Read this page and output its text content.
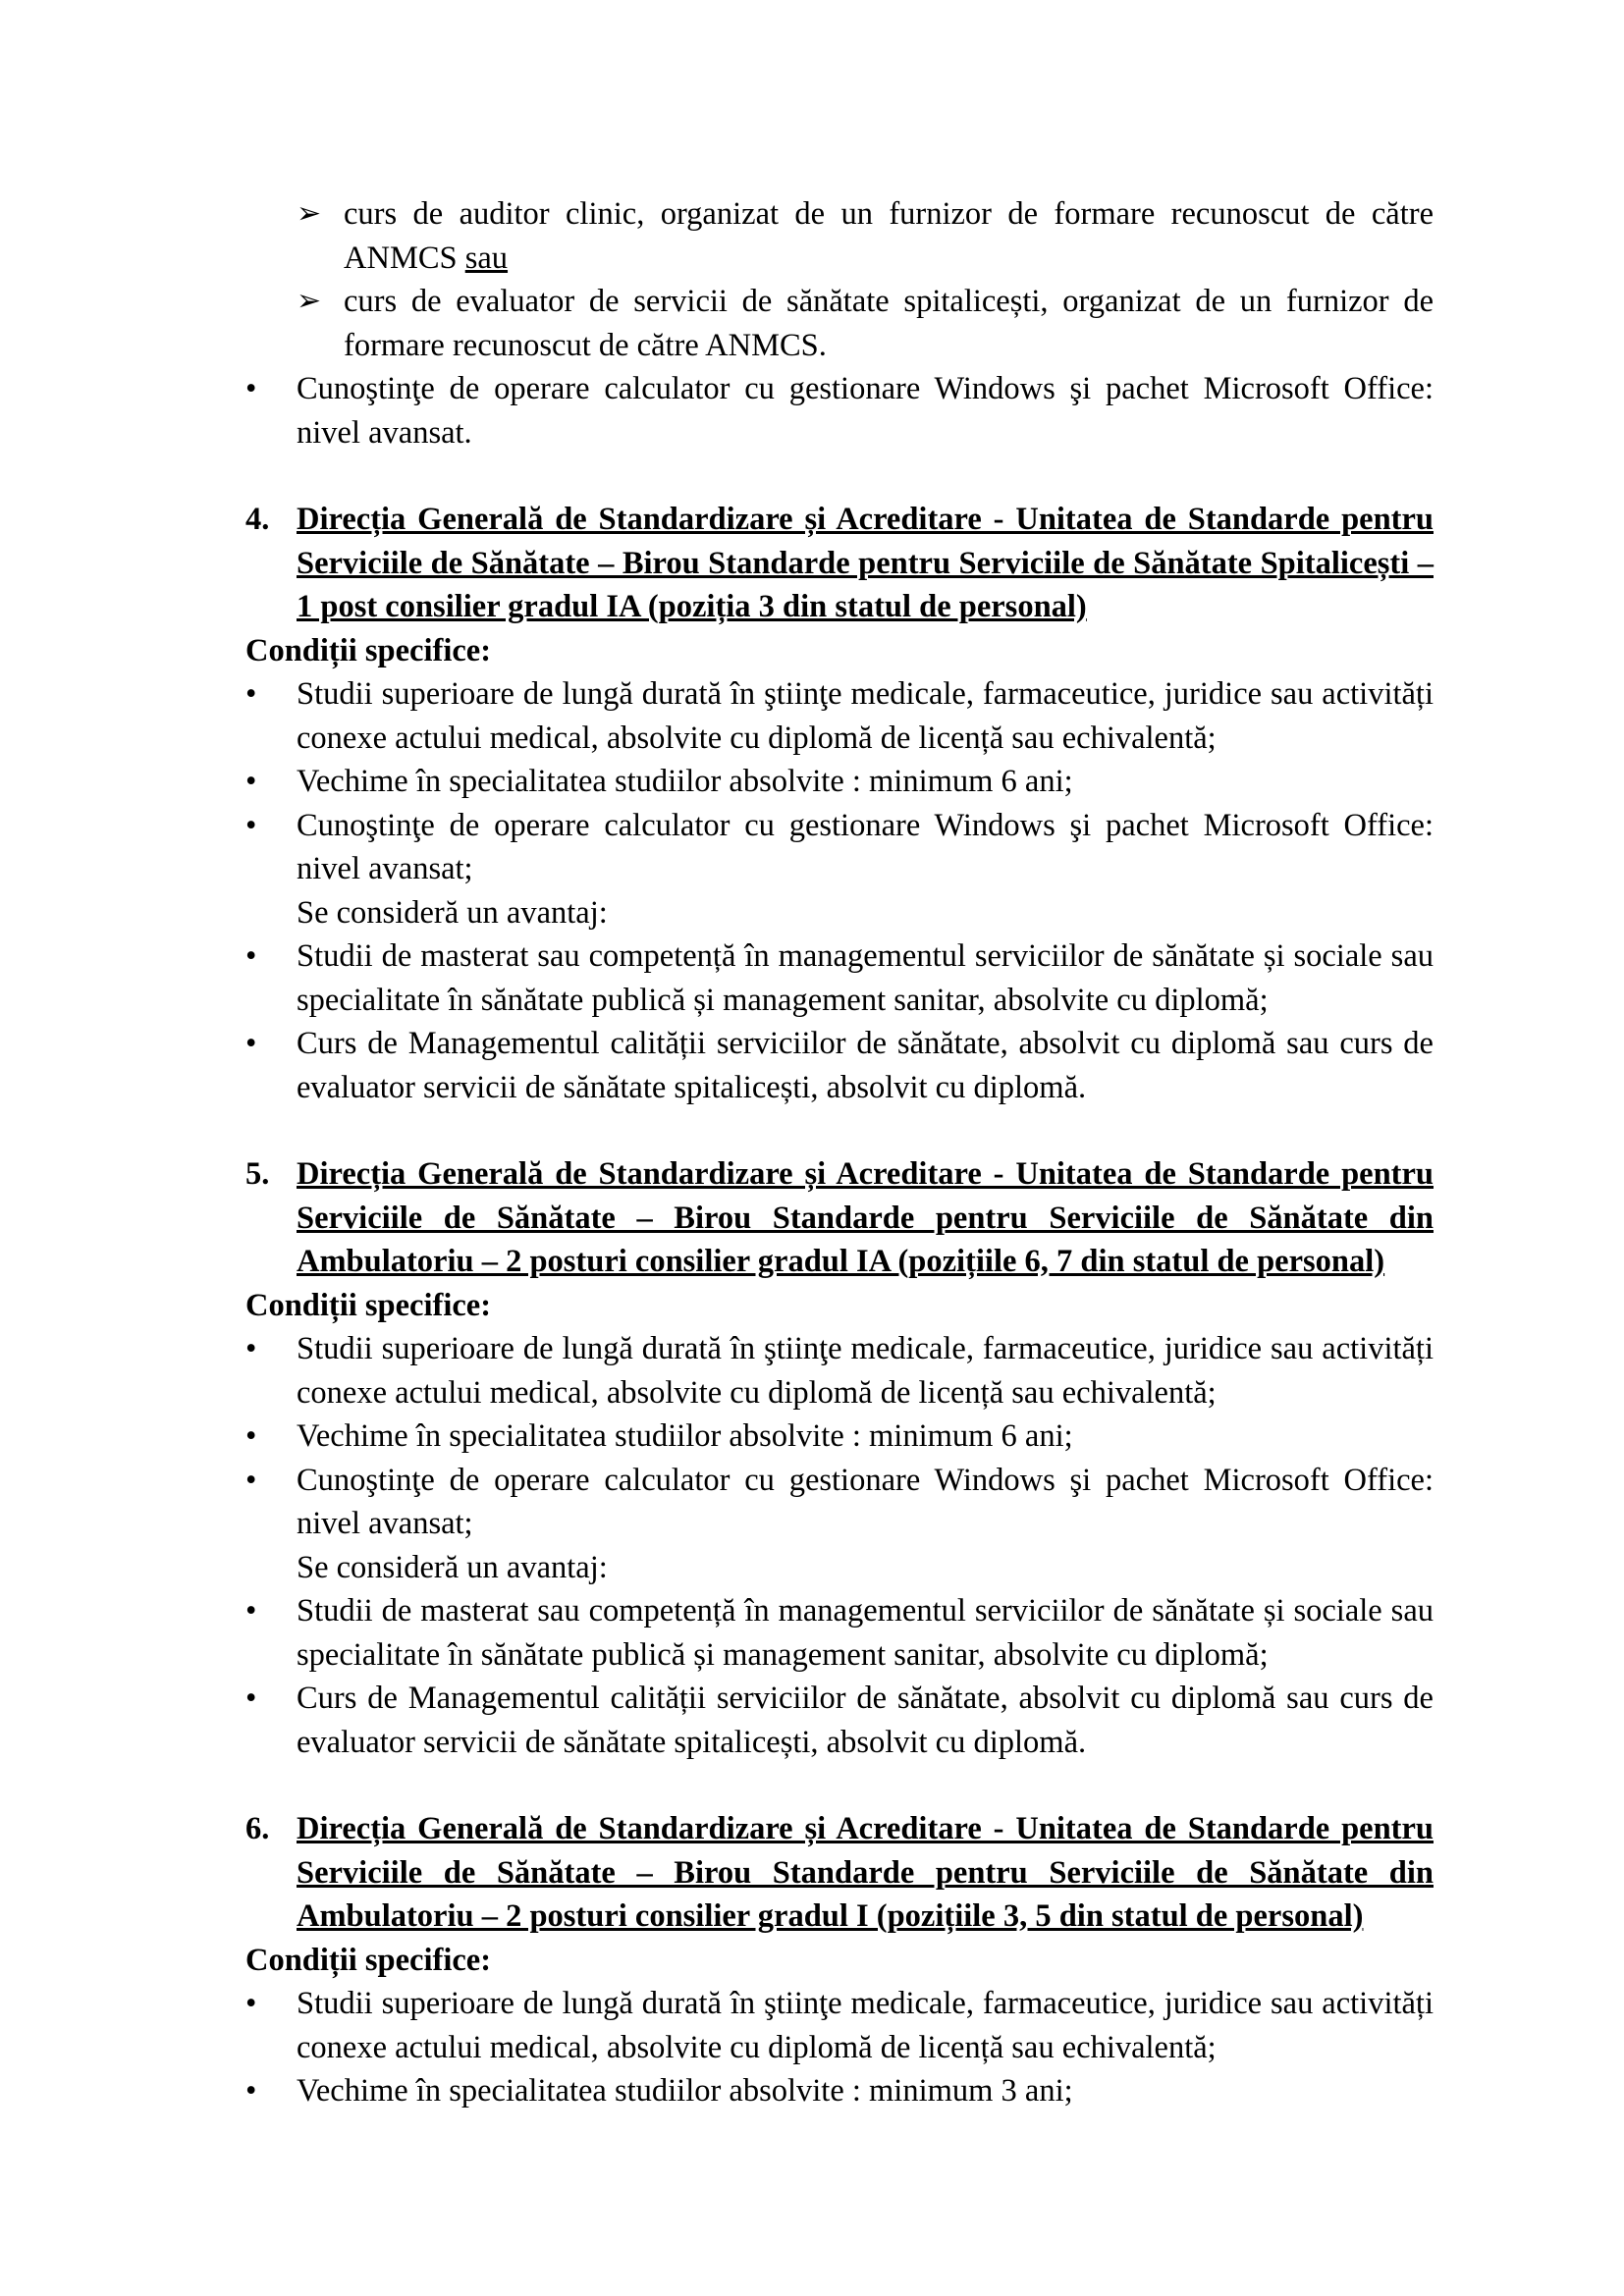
➢ curs de auditor clinic, organizat de un furnizor de formare recunoscut de către ANMCS sau
➢ curs de evaluator de servicii de sănătate spitalicești, organizat de un furnizor de formare recunoscut de către ANMCS.
• Cunoştinţe de operare calculator cu gestionare Windows şi pachet Microsoft Office: nivel avansat.
4. Direcția Generală de Standardizare și Acreditare - Unitatea de Standarde pentru Serviciile de Sănătate – Birou Standarde pentru Serviciile de Sănătate Spitalicești – 1 post consilier gradul IA (poziția 3 din statul de personal)
Condiții specifice:
• Studii superioare de lungă durată în ştiinţe medicale, farmaceutice, juridice sau activități conexe actului medical, absolvite cu diplomă de licență sau echivalentă;
• Vechime în specialitatea studiilor absolvite : minimum 6 ani;
• Cunoştinţe de operare calculator cu gestionare Windows şi pachet Microsoft Office: nivel avansat;
Se consideră un avantaj:
• Studii de masterat sau competență în managementul serviciilor de sănătate și sociale sau specialitate în sănătate publică și management sanitar, absolvite cu diplomă;
• Curs de Managementul calității serviciilor de sănătate, absolvit cu diplomă sau curs de evaluator servicii de sănătate spitalicești, absolvit cu diplomă.
5. Direcția Generală de Standardizare și Acreditare - Unitatea de Standarde pentru Serviciile de Sănătate – Birou Standarde pentru Serviciile de Sănătate din Ambulatoriu – 2 posturi consilier gradul IA (pozițiile 6, 7 din statul de personal)
Condiții specifice:
• Studii superioare de lungă durată în ştiinţe medicale, farmaceutice, juridice sau activități conexe actului medical, absolvite cu diplomă de licență sau echivalentă;
• Vechime în specialitatea studiilor absolvite : minimum 6 ani;
• Cunoştinţe de operare calculator cu gestionare Windows şi pachet Microsoft Office: nivel avansat;
Se consideră un avantaj:
• Studii de masterat sau competență în managementul serviciilor de sănătate și sociale sau specialitate în sănătate publică și management sanitar, absolvite cu diplomă;
• Curs de Managementul calității serviciilor de sănătate, absolvit cu diplomă sau curs de evaluator servicii de sănătate spitalicești, absolvit cu diplomă.
6. Direcția Generală de Standardizare și Acreditare - Unitatea de Standarde pentru Serviciile de Sănătate – Birou Standarde pentru Serviciile de Sănătate din Ambulatoriu – 2 posturi consilier gradul I (pozițiile 3, 5 din statul de personal)
Condiții specifice:
• Studii superioare de lungă durată în ştiinţe medicale, farmaceutice, juridice sau activități conexe actului medical, absolvite cu diplomă de licență sau echivalentă;
• Vechime în specialitatea studiilor absolvite : minimum 3 ani;
